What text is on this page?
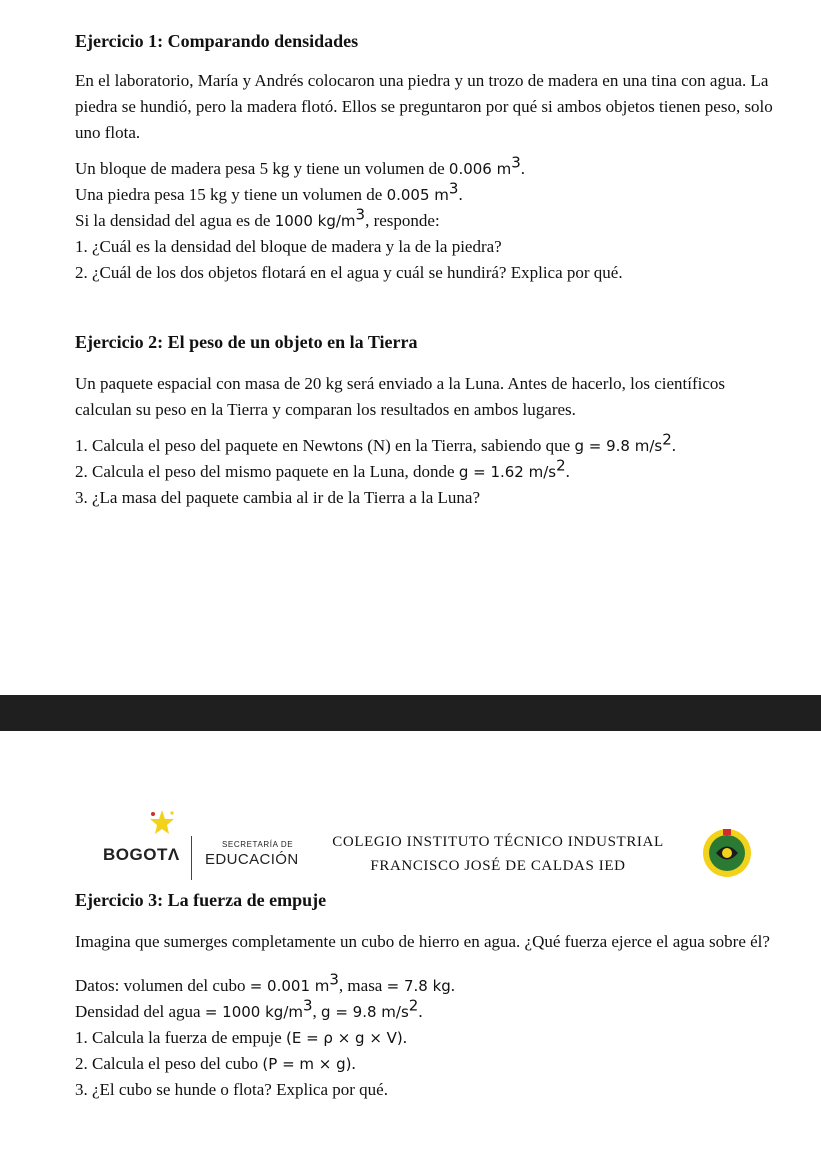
Ejercicio 1: Comparando densidades

En el laboratorio, María y Andrés colocaron una piedra y un trozo de madera en una tina con agua. La piedra se hundió, pero la madera flotó. Ellos se preguntaron por qué si ambos objetos tienen peso, solo uno flota.

Un bloque de madera pesa 5 kg y tiene un volumen de 0.006 $m^3$.

Una piedra pesa 15 kg y tiene un volumen de 0.005 $m^3$.

Si la densidad del agua es de 1000 $kg/m^3$, responde:

1. ¿Cuál es la densidad del bloque de madera y la de la piedra?

2. ¿Cuál de los dos objetos flotará en el agua y cuál se hundirá? Explica por qué.

Ejercicio 2: El peso de un objeto en la Tierra

Un paquete espacial con masa de 20 kg será enviado a la Luna. Antes de hacerlo, los científicos calculan su peso en la Tierra y comparan los resultados en ambos lugares.

1. Calcula el peso del paquete en Newtons (N) en la Tierra, sabiendo que g = 9.8 $m/s^2$.

2. Calcula el peso del mismo paquete en la Luna, donde g = 1.62 $m/s^2$.

3. ¿La masa del paquete cambia al ir de la Tierra a la Luna?

BOGOTΛ
SECRETARÍA DE
EDUCACIÓN
COLEGIO INSTITUTO TÉCNICO INDUSTRIAL
FRANCISCO JOSÉ DE CALDAS IED
Ejercicio 3: La fuerza de empuje

Imagina que sumerges completamente un cubo de hierro en agua. ¿Qué fuerza ejerce el agua sobre él?

Datos: volumen del cubo = 0.001 $m^3$, masa = 7.8 kg.

Densidad del agua = 1000 $kg/m^3$, g = 9.8 $m/s^2$.

1. Calcula la fuerza de empuje (E = ρ × g × V).

2. Calcula el peso del cubo (P = m × g).

3. ¿El cubo se hunde o flota? Explica por qué.
